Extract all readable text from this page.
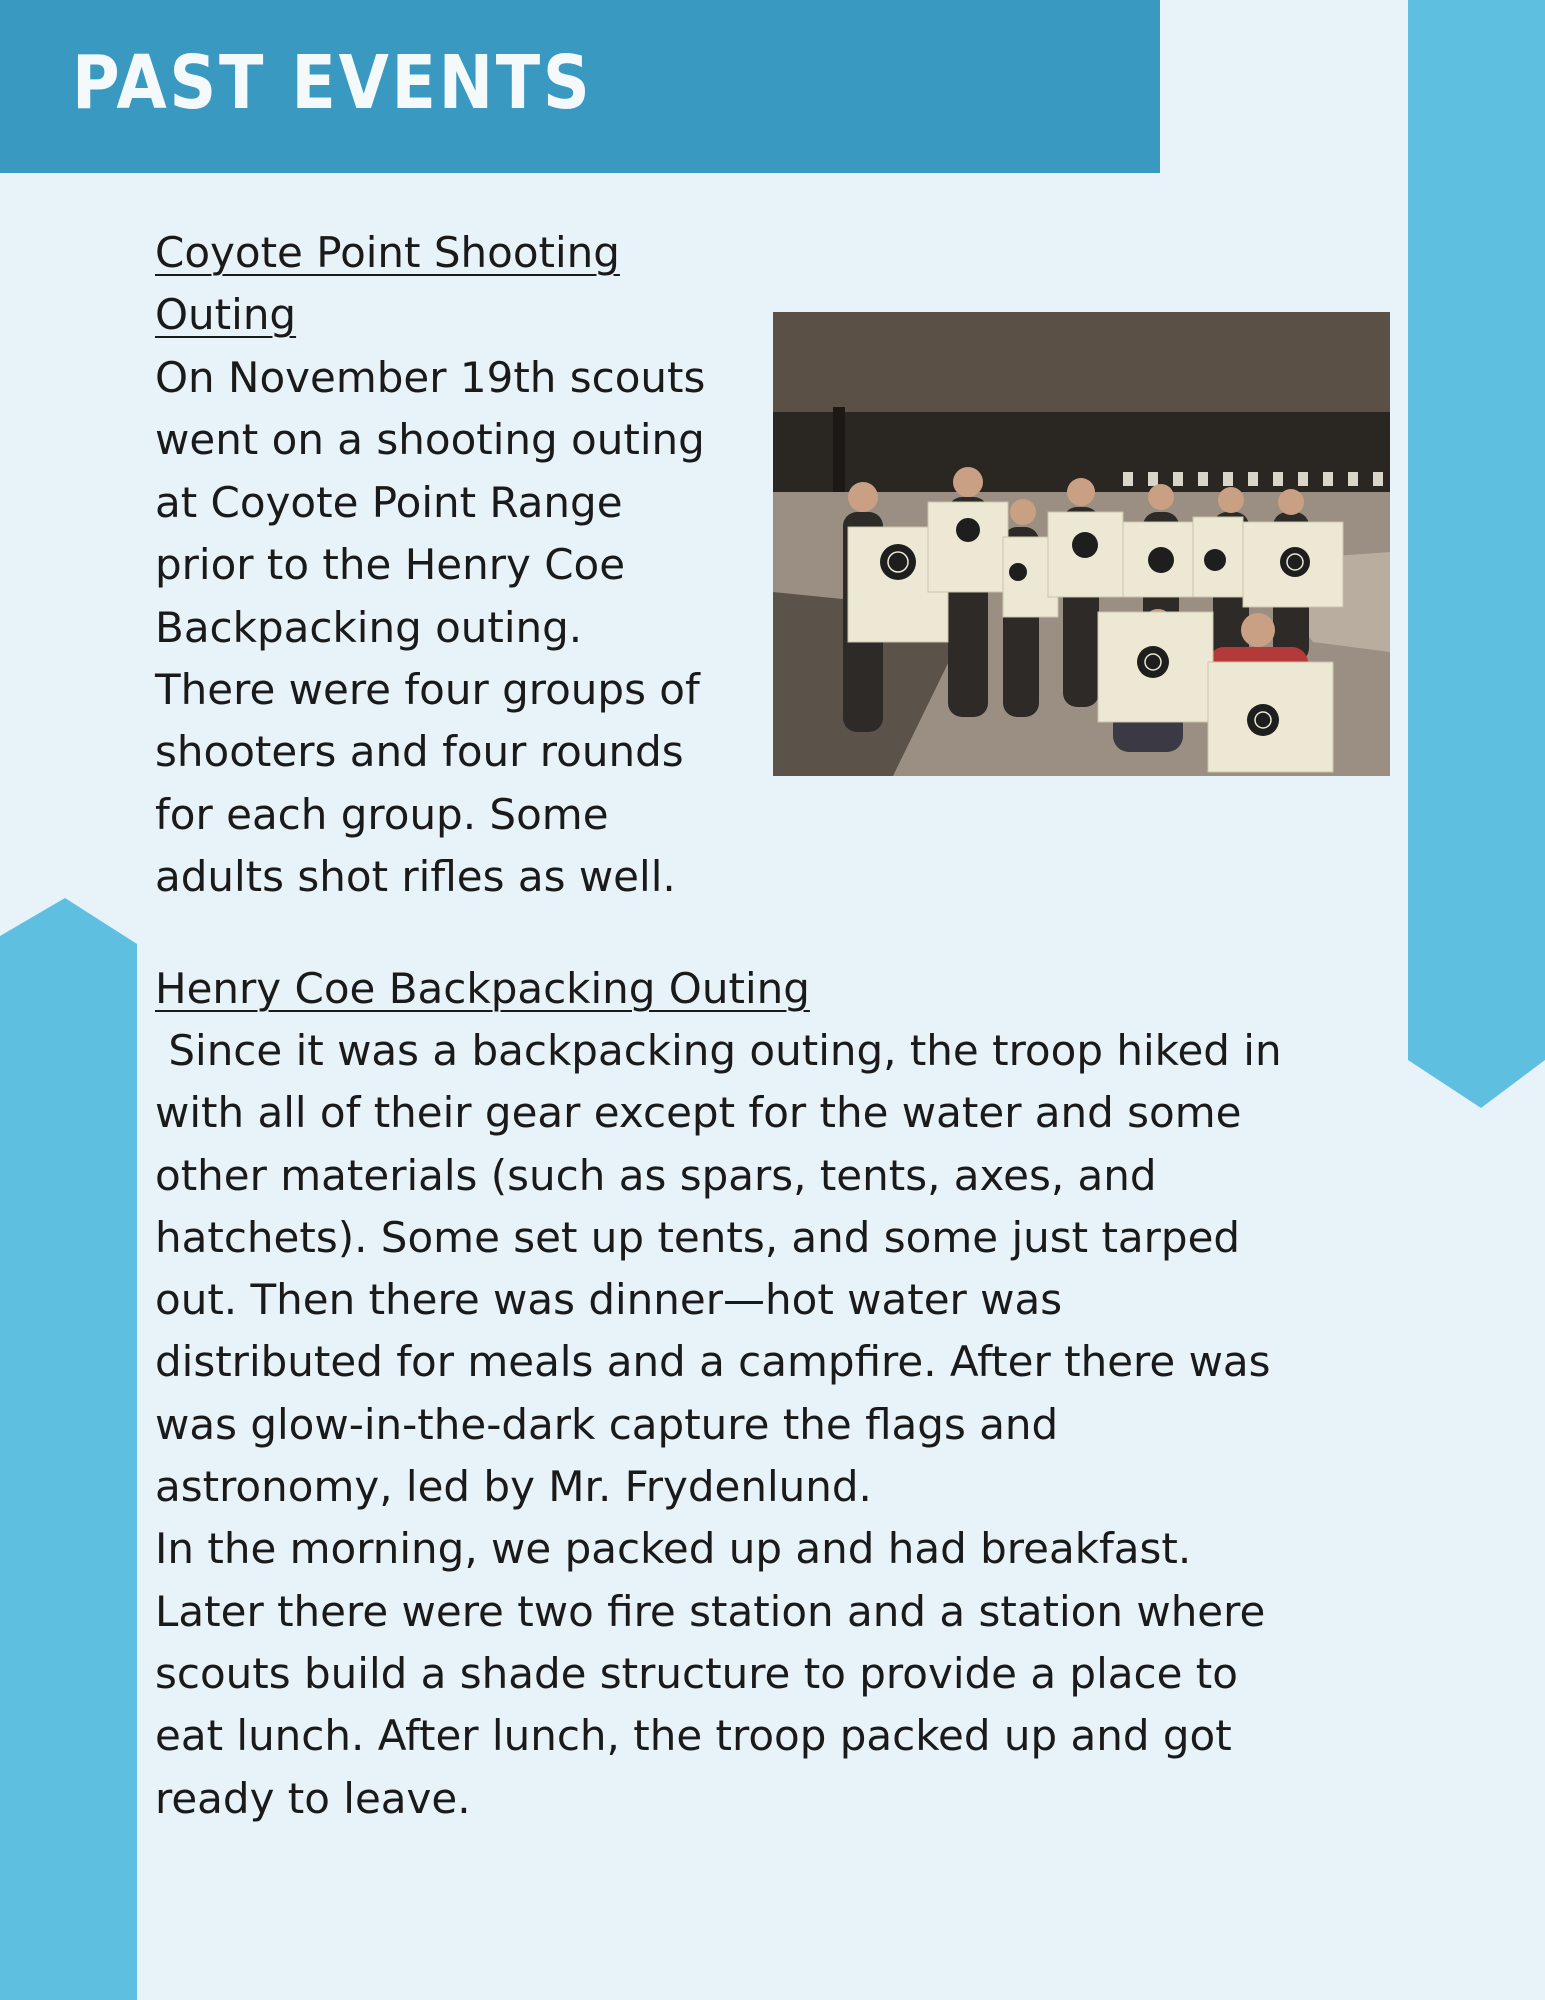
PAST EVENTS
Coyote Point Shooting
Outing

On November 19th scouts
went on a shooting outing
at Coyote Point Range
prior to the Henry Coe
Backpacking outing.
There were four groups of
shooters and four rounds
for each group. Some
adults shot rifles as well.

Henry Coe Backpacking Outing

Since it was a backpacking outing, the troop hiked in
with all of their gear except for the water and some
other materials (such as spars, tents, axes, and
hatchets). Some set up tents, and some just tarped
out. Then there was dinner—hot water was
distributed for meals and a campfire. After there was
was glow-in-the-dark capture the flags and
astronomy, led by Mr. Frydenlund.
In the morning, we packed up and had breakfast.
Later there were two fire station and a station where
scouts build a shade structure to provide a place to
eat lunch. After lunch, the troop packed up and got
ready to leave.
